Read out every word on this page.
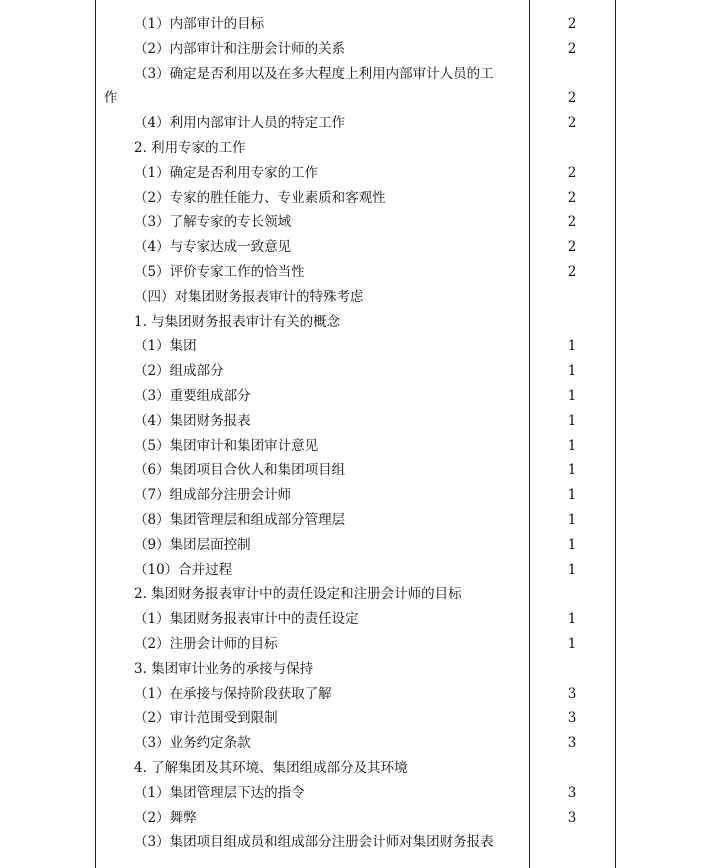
（1）内部审计的目标	2
（2）内部审计和注册会计师的关系	2
（3）确定是否利用以及在多大程度上利用内部审计人员的工
作	2
（4）利用内部审计人员的特定工作	2
2. 利用专家的工作
（1）确定是否利用专家的工作	2
（2）专家的胜任能力、专业素质和客观性	2
（3）了解专家的专长领域	2
（4）与专家达成一致意见	2
（5）评价专家工作的恰当性	2
（四）对集团财务报表审计的特殊考虑
1. 与集团财务报表审计有关的概念
（1）集团	1
（2）组成部分	1
（3）重要组成部分	1
（4）集团财务报表	1
（5）集团审计和集团审计意见	1
（6）集团项目合伙人和集团项目组	1
（7）组成部分注册会计师	1
（8）集团管理层和组成部分管理层	1
（9）集团层面控制	1
（10）合并过程	1
2. 集团财务报表审计中的责任设定和注册会计师的目标
（1）集团财务报表审计中的责任设定	1
（2）注册会计师的目标	1
3. 集团审计业务的承接与保持
（1）在承接与保持阶段获取了解	3
（2）审计范围受到限制	3
（3）业务约定条款	3
4. 了解集团及其环境、集团组成部分及其环境
（1）集团管理层下达的指令	3
（2）舞弊	3
（3）集团项目组成员和组成部分注册会计师对集团财务报表
